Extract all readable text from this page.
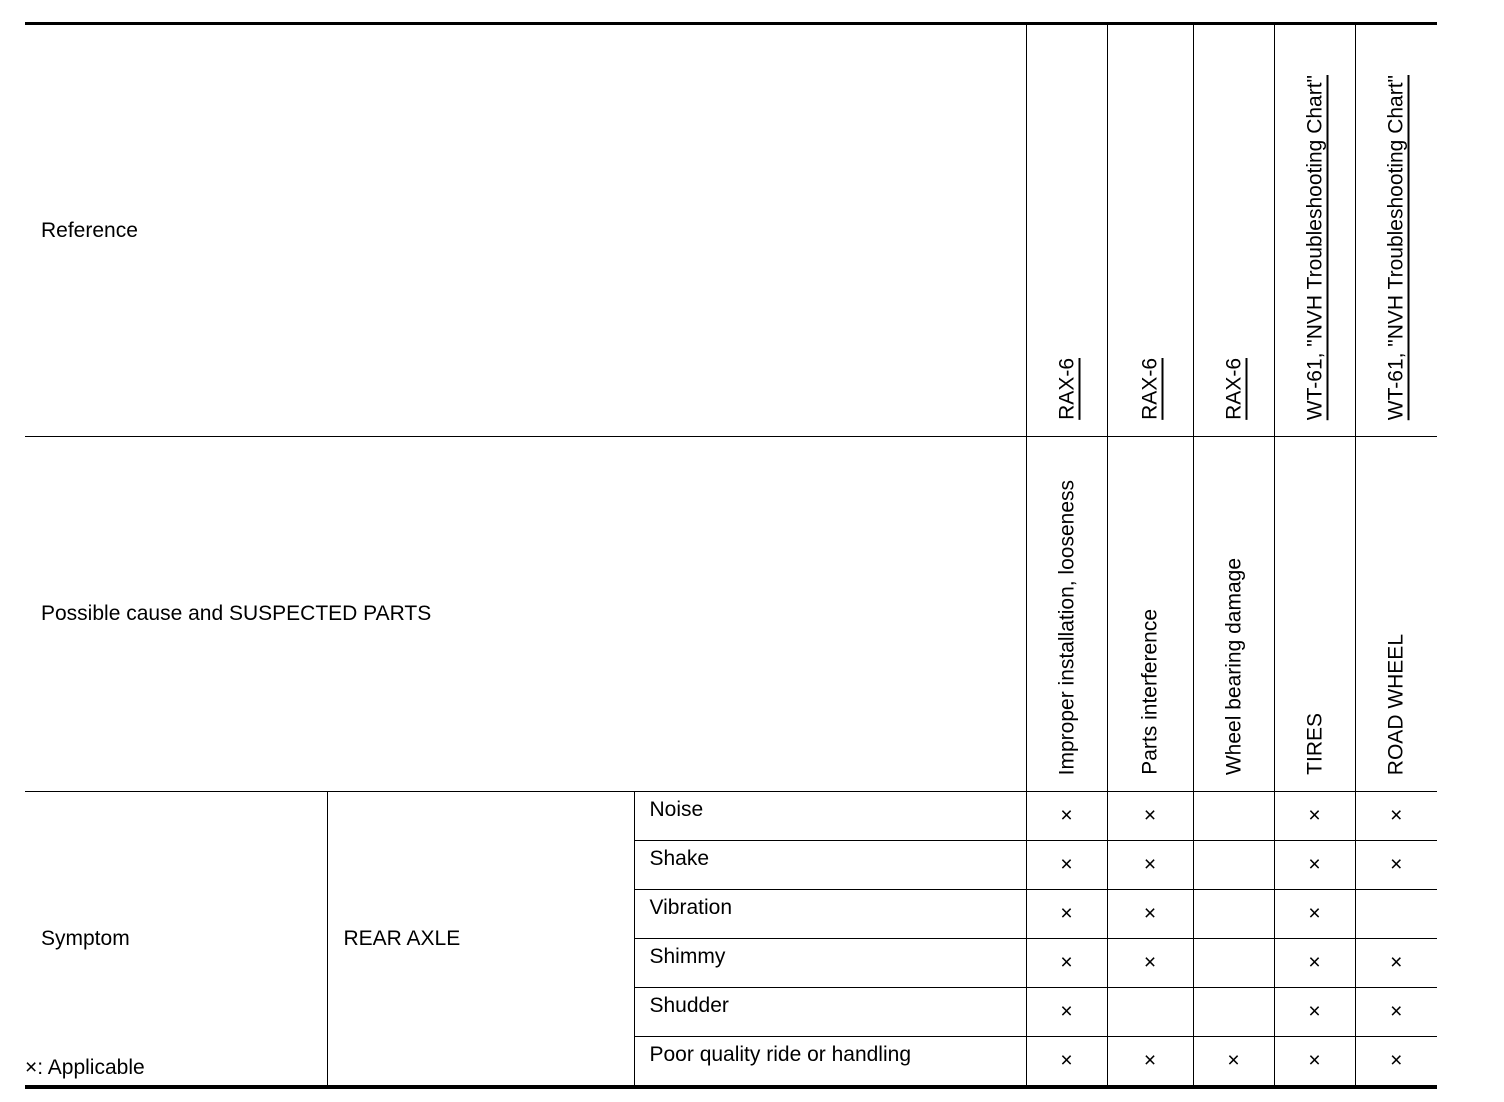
Reference			RAX-6	RAX-6	RAX-6	WT-61, "NVH Troubleshooting Chart"	WT-61, "NVH Troubleshooting Chart"

Possible cause and SUSPECTED PARTS			Improper installation, looseness	Parts interference	Wheel bearing damage	TIRES	ROAD WHEEL

Symptom	REAR AXLE	Noise	×	×		×	×
		Shake	×	×		×	×
		Vibration	×	×		×	
		Shimmy	×	×		×	×
		Shudder	×			×	×
		Poor quality ride or handling	×	×	×	×	×
×: Applicable
